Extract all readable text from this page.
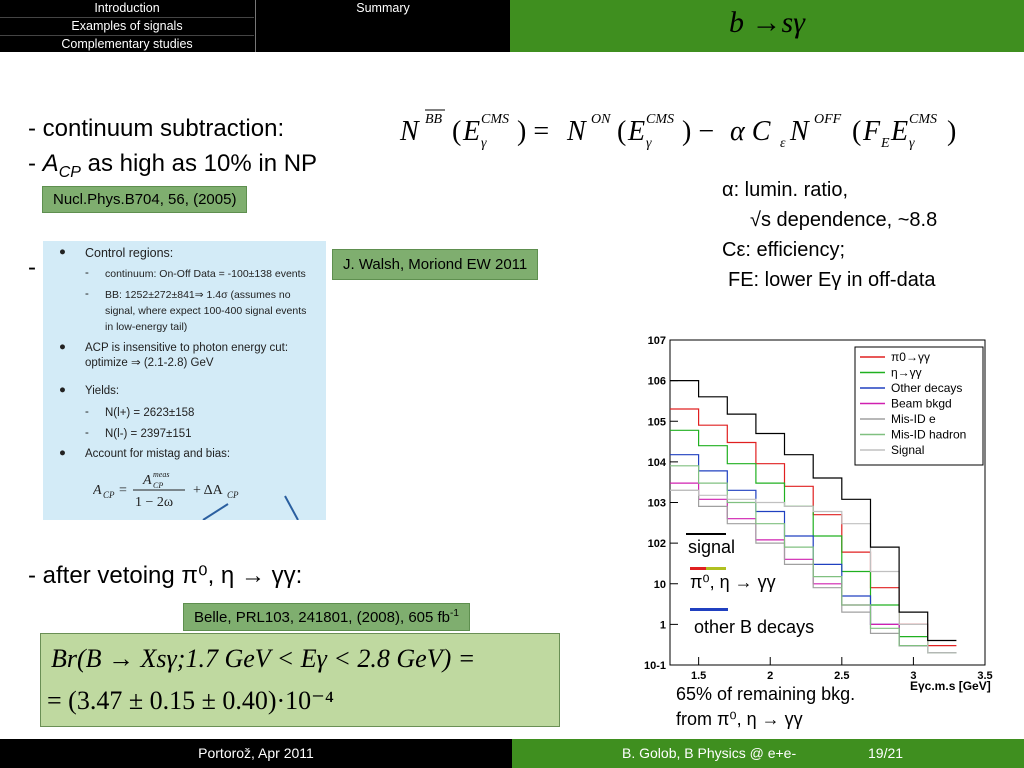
Introduction
Examples of signals
Complementary studies
Summary	b →sγ
- continuum subtraction:
- $A_{CP}$ as high as 10% in NP
Nucl.Phys.B704, 56, (2005)
-
N BB ( E CMS
γ ) = N ON ( E CMS
γ ) − α C ε N OFF ( F E E CMS
γ )
α: lumin. ratio,
√s dependence, ~8.8
Cε: efficiency;
FE: lower Eγ in off-data
J. Walsh, Moriond EW 2011
● Control regions:
- continuum: On-Off Data = -100±138 events
- BB: 1252±272±841⇒ 1.4σ (assumes no
signal, where expect 100-400 signal events
in low-energy tail)
● ACP is insensitive to photon energy cut:
optimize ⇒ (2.1-2.8) GeV
● Yields:
- N(l+) = 2623±158
- N(l-) = 2397±151
● Account for mistag and bias:
A CP =
A meas
CP
1 − 2ω
+ ΔA CP
- after vetoing π⁰, η → γγ:
Belle, PRL103, 241801, (2008), 605 $fb^{-1}$
Br(B → Xsγ;1.7 GeV < Eγ < 2.8 GeV) =
= (3.47 ± 0.15 ± 0.40)·10⁻⁴
10-1
1
10
102
103
104
105
106
107
1.5	2	2.5	3	3.5
π0→γγ
η→γγ
Other decays
Beam bkgd
Mis-ID e
Mis-ID hadron
Signal
Eγc.m.s [GeV]
signal
π⁰, η → γγ
other B decays
65% of remaining bkg.
from π⁰, η → γγ
Portorož, Apr 2011	B. Golob, B Physics @ e+e-	19/21
